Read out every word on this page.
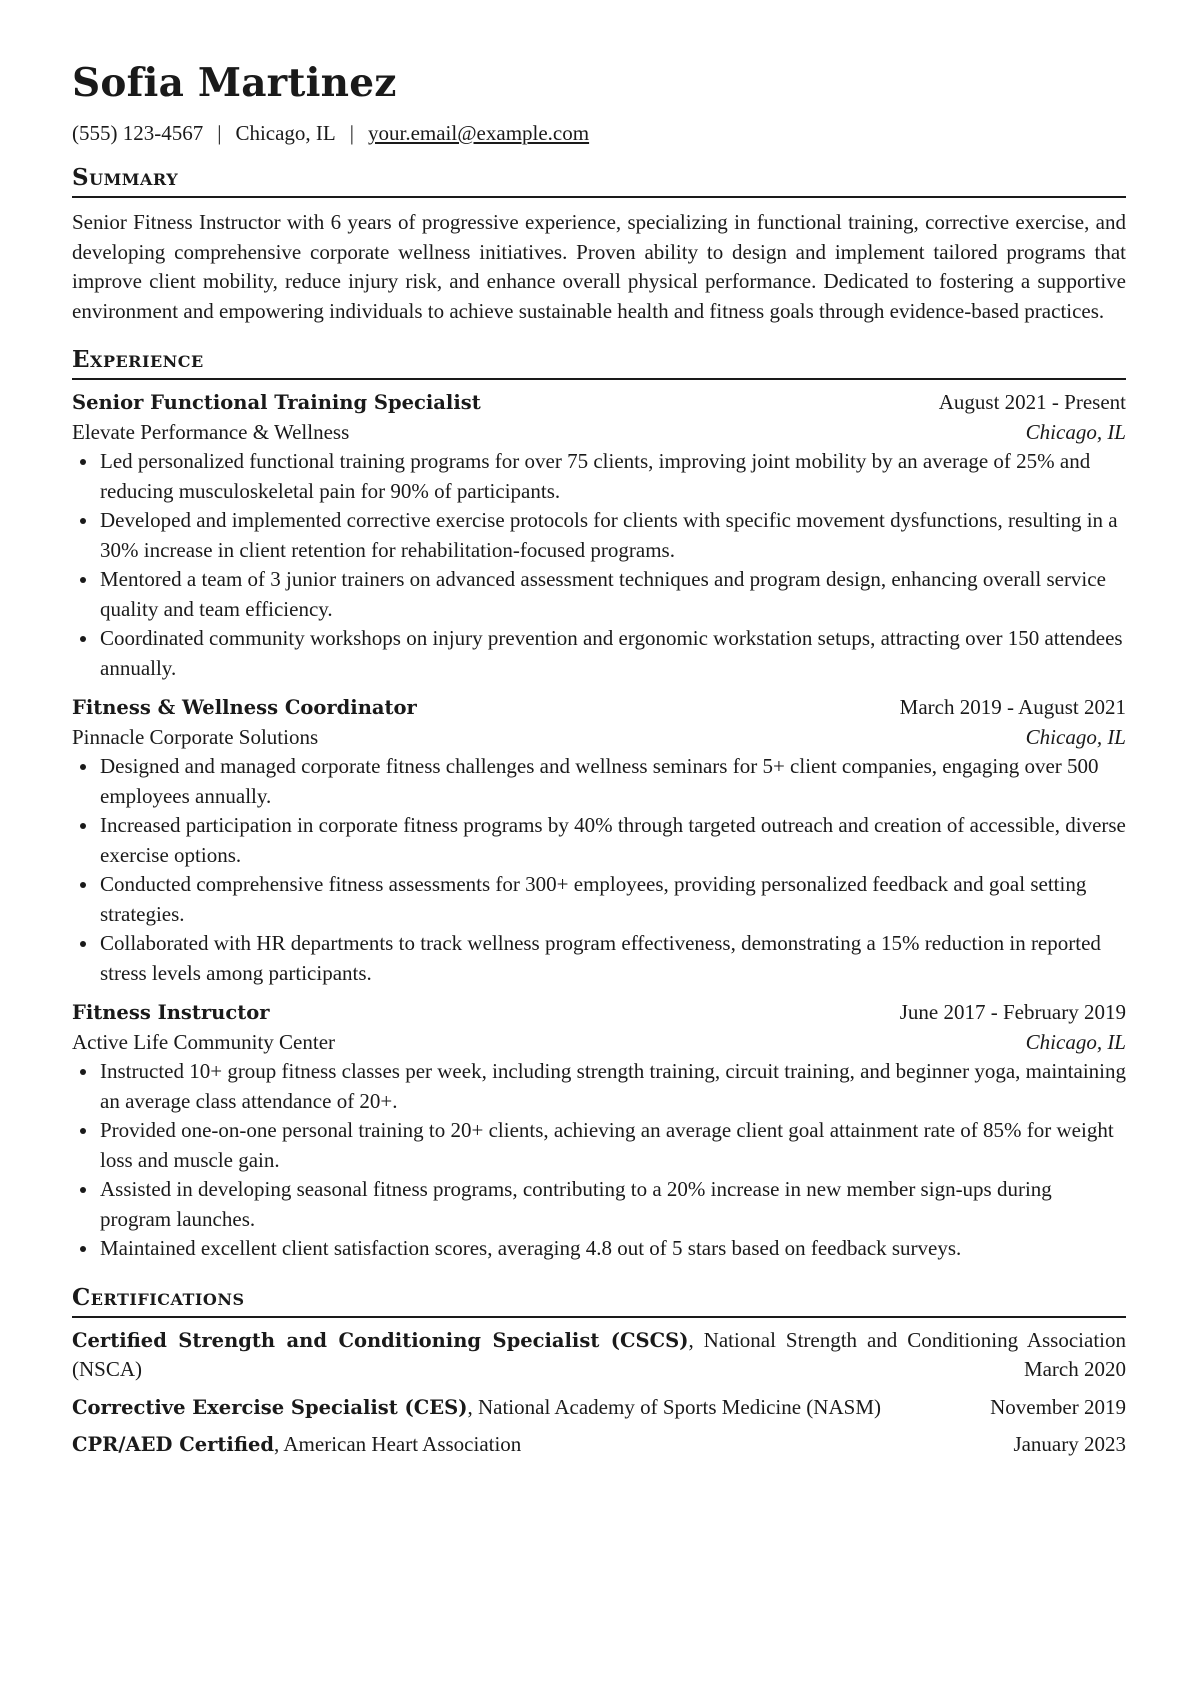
Sofia Martinez
(555) 123-4567 | Chicago, IL | your.email@example.com
Summary
Senior Fitness Instructor with 6 years of progressive experience, specializing in functional training, corrective exercise, and developing comprehensive corporate wellness initiatives. Proven ability to design and implement tailored programs that improve client mobility, reduce injury risk, and enhance overall physical performance. Dedicated to fostering a supportive environment and empowering individuals to achieve sustainable health and fitness goals through evidence-based practices.
Experience
Senior Functional Training Specialist	August 2021 - Present
Elevate Performance & Wellness	Chicago, IL
Led personalized functional training programs for over 75 clients, improving joint mobility by an average of 25% and reducing musculoskeletal pain for 90% of participants.
Developed and implemented corrective exercise protocols for clients with specific movement dysfunctions, resulting in a 30% increase in client retention for rehabilitation-focused programs.
Mentored a team of 3 junior trainers on advanced assessment techniques and program design, enhancing overall service quality and team efficiency.
Coordinated community workshops on injury prevention and ergonomic workstation setups, attracting over 150 attendees annually.
Fitness & Wellness Coordinator	March 2019 - August 2021
Pinnacle Corporate Solutions	Chicago, IL
Designed and managed corporate fitness challenges and wellness seminars for 5+ client companies, engaging over 500 employees annually.
Increased participation in corporate fitness programs by 40% through targeted outreach and creation of accessible, diverse exercise options.
Conducted comprehensive fitness assessments for 300+ employees, providing personalized feedback and goal setting strategies.
Collaborated with HR departments to track wellness program effectiveness, demonstrating a 15% reduction in reported stress levels among participants.
Fitness Instructor	June 2017 - February 2019
Active Life Community Center	Chicago, IL
Instructed 10+ group fitness classes per week, including strength training, circuit training, and beginner yoga, maintaining an average class attendance of 20+.
Provided one-on-one personal training to 20+ clients, achieving an average client goal attainment rate of 85% for weight loss and muscle gain.
Assisted in developing seasonal fitness programs, contributing to a 20% increase in new member sign-ups during program launches.
Maintained excellent client satisfaction scores, averaging 4.8 out of 5 stars based on feedback surveys.
Certifications
Certified Strength and Conditioning Specialist (CSCS), National Strength and Conditioning Association (NSCA)	March 2020
Corrective Exercise Specialist (CES), National Academy of Sports Medicine (NASM)	November 2019
CPR/AED Certified, American Heart Association	January 2023
